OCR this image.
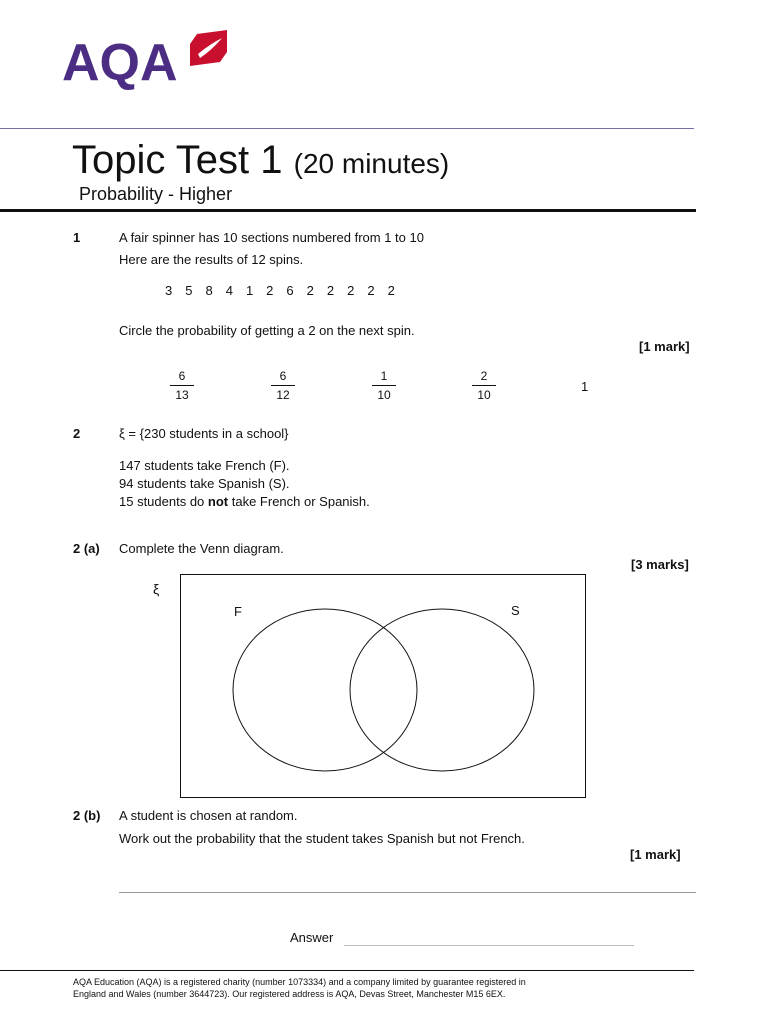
AQA
Topic Test 1 (20 minutes)
Probability - Higher
1	A fair spinner has 10 sections numbered from 1 to 10
Here are the results of 12 spins.
3 5 8 4 1 2 6 2 2 2 2 2
Circle the probability of getting a 2 on the next spin.
[1 mark]
6
13
6
12
1
10
2
10
1
2	ξ = {230 students in a school}
147 students take French (F).
94 students take Spanish (S).
15 students do not take French or Spanish.
2 (a) Complete the Venn diagram.
[3 marks]
ξ
F	S
2 (b) A student is chosen at random.
Work out the probability that the student takes Spanish but not French.
[1 mark]
Answer
AQA Education (AQA) is a registered charity (number 1073334) and a company limited by guarantee registered in
England and Wales (number 3644723). Our registered address is AQA, Devas Street, Manchester M15 6EX.
